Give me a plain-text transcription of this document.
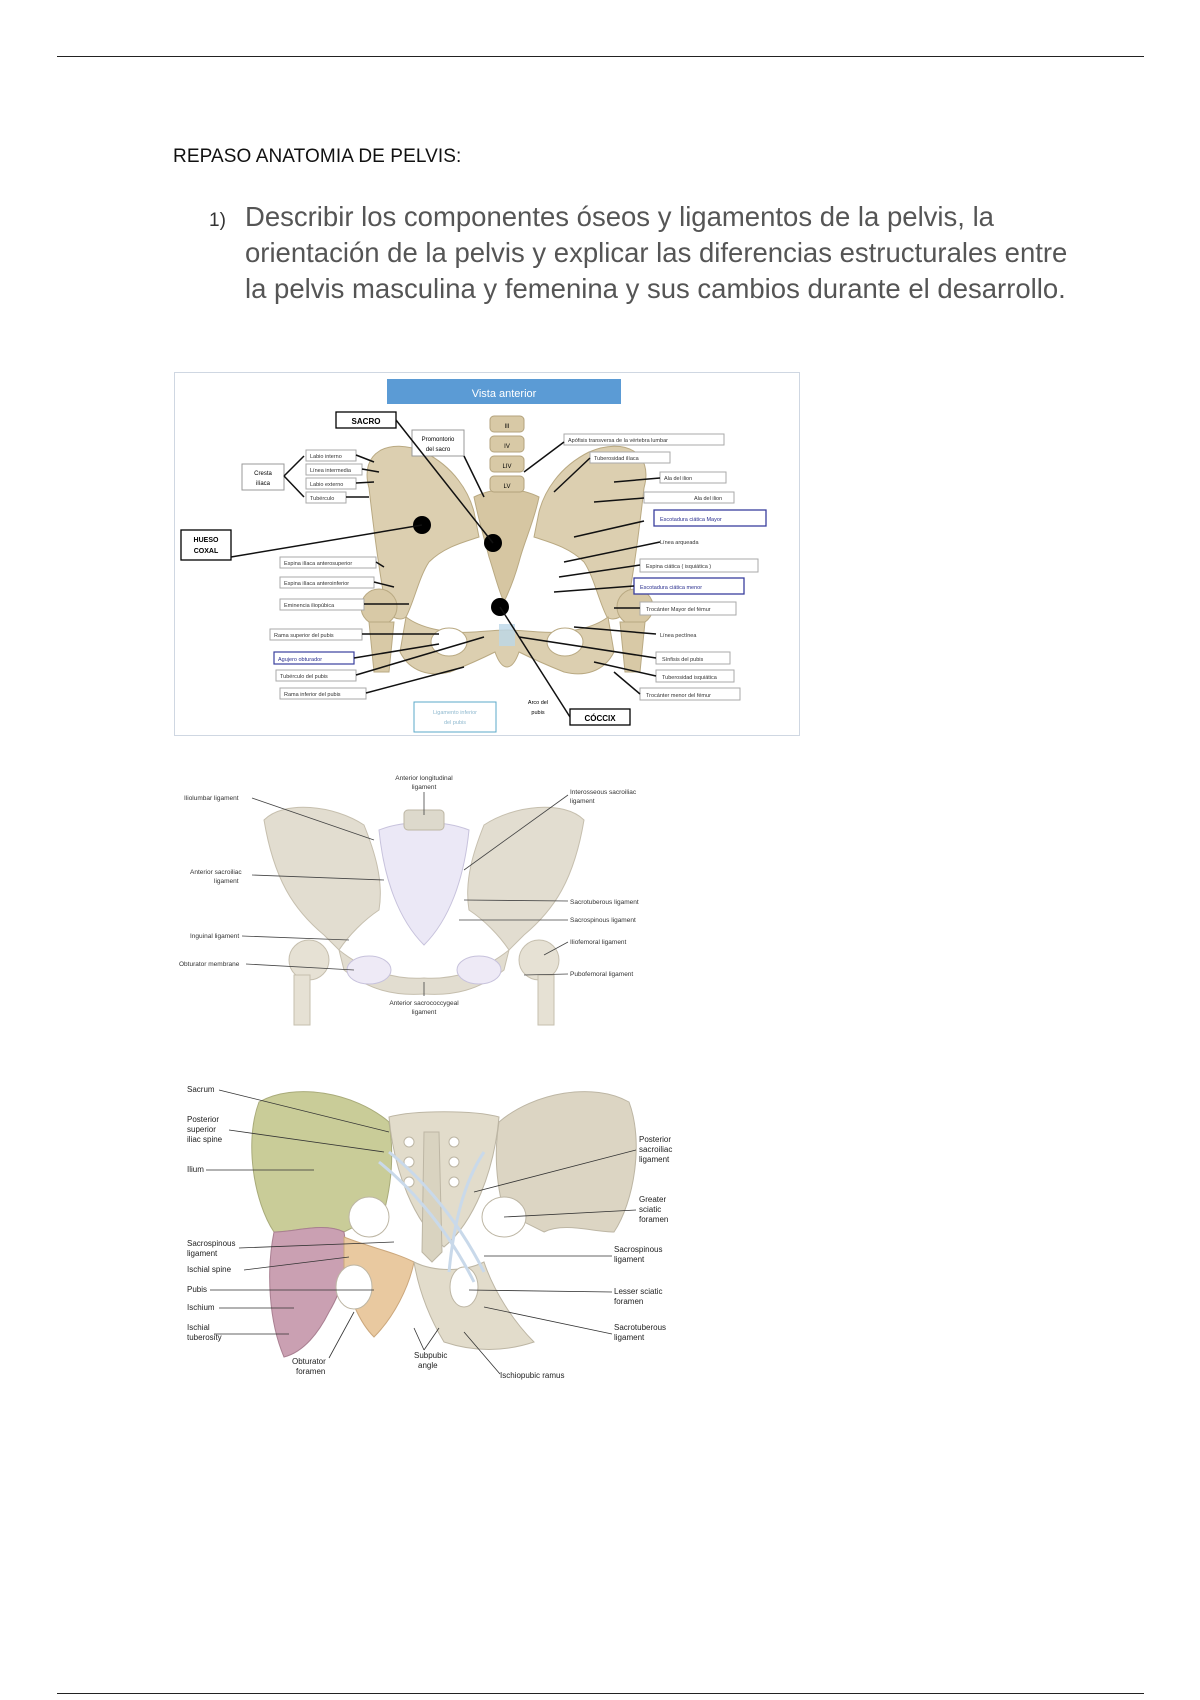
REPASO ANATOMIA DE PELVIS:
1) Describir los componentes óseos y ligamentos de la pelvis, la orientación de la pelvis y explicar las diferencias estructurales entre la pelvis masculina y femenina y sus cambios durante el desarrollo.
Vista anterior
III
IV
LIV
LV
SACRO
HUESO
COXAL
CÓCCIX
Promontorio
del sacro
Cresta
ilíaca
Labio interno
Línea intermedia
Labio externo
Tubérculo
Espina ilíaca anterosuperior
Espina ilíaca anteroinferior
Eminencia iliopúbica
Rama superior del pubis
Agujero obturador
Tubérculo del pubis
Rama inferior del pubis
Apófisis transversa de la vértebra lumbar
Tuberosidad ilíaca
Ala del ilion
Ala del ilion
Escotadura ciática Mayor
Línea arqueada
Espina ciática ( isquiática )
Escotadura ciática menor
Trocánter Mayor del fémur
Línea pectínea
Sínfisis del pubis
Tuberosidad isquiática
Trocánter menor del fémur
Ligamento inferior
del pubis
Arco del
pubis
Anterior longitudinal
ligament
Interosseous sacroiliac
ligament
Iliolumbar ligament
Anterior sacroiliac
ligament
Inguinal ligament
Obturator membrane
Sacrotuberous ligament
Sacrospinous ligament
Iliofemoral ligament
Pubofemoral ligament
Anterior sacrococcygeal
ligament
Sacrum
Posterior
superior
iliac spine
Ilium
Sacrospinous
ligament
Ischial spine
Pubis
Ischium
Ischial
tuberosity
Obturator
foramen
Subpubic
angle
Ischiopubic ramus
Posterior
sacroiliac
ligament
Greater
sciatic
foramen
Sacrospinous
ligament
Lesser sciatic
foramen
Sacrotuberous
ligament
